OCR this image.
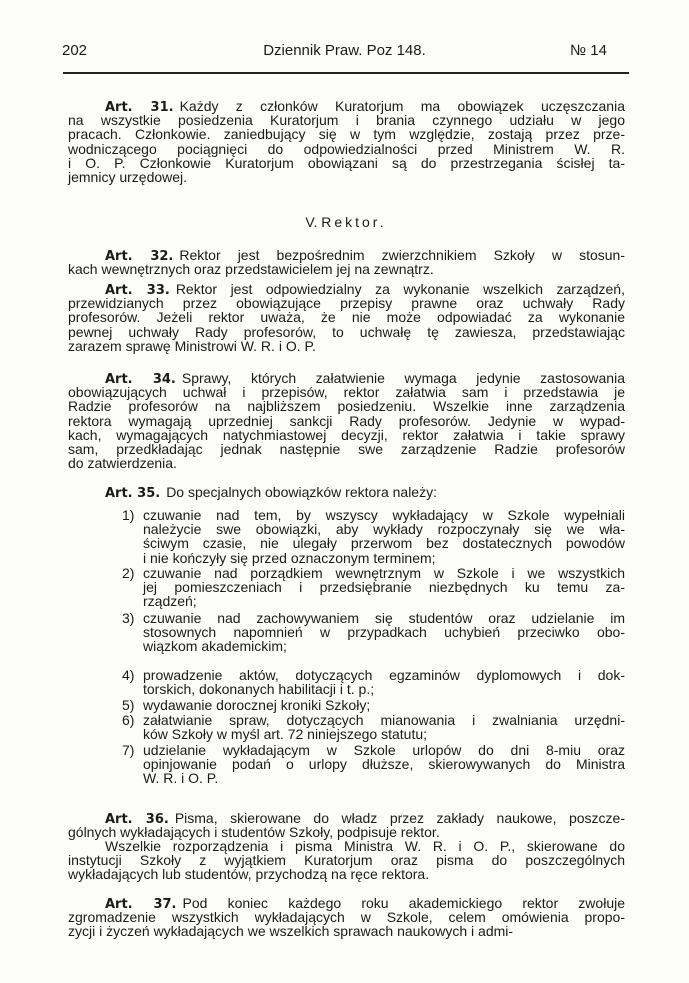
202	Dziennik Praw. Poz 148.	№ 14
Art. 31. Każdy z członków Kuratorjum ma obowiązek uczęszczania
na wszystkie posiedzenia Kuratorjum i brania czynnego udziału w jego
pracach. Członkowie. zaniedbujący się w tym względzie, zostają przez prze-
wodniczącego pociągnięci do odpowiedzialności przed Ministrem W. R.
i O. P. Członkowie Kuratorjum obowiązani są do przestrzegania ścisłej ta-
jemnicy urzędowej.
V. Rektor.
Art. 32. Rektor jest bezpośrednim zwierzchnikiem Szkoły w stosun-
kach wewnętrznych oraz przedstawicielem jej na zewnątrz.
Art. 33. Rektor jest odpowiedzialny za wykonanie wszelkich zarządzeń,
przewidzianych przez obowiązujące przepisy prawne oraz uchwały Rady
profesorów. Jeżeli rektor uważa, że nie może odpowiadać za wykonanie
pewnej uchwały Rady profesorów, to uchwałę tę zawiesza, przedstawiając
zarazem sprawę Ministrowi W. R. i O. P.
Art. 34. Sprawy, których załatwienie wymaga jedynie zastosowania
obowiązujących uchwał i przepisów, rektor załatwia sam i przedstawia je
Radzie profesorów na najbliższem posiedzeniu. Wszelkie inne zarządzenia
rektora wymagają uprzedniej sankcji Rady profesorów. Jedynie w wypad-
kach, wymagających natychmiastowej decyzji, rektor załatwia i takie sprawy
sam, przedkładając jednak następnie swe zarządzenie Radzie profesorów
do zatwierdzenia.
Art. 35. Do specjalnych obowiązków rektora należy:
1) czuwanie nad tem, by wszyscy wykładający w Szkole wypełniali
należycie swe obowiązki, aby wykłady rozpoczynały się we wła-
ściwym czasie, nie ulegały przerwom bez dostatecznych powodów
i nie kończyły się przed oznaczonym terminem;
2) czuwanie nad porządkiem wewnętrznym w Szkole i we wszystkich
jej pomieszczeniach i przedsiębranie niezbędnych ku temu za-
rządzeń;
3) czuwanie nad zachowywaniem się studentów oraz udzielanie im
stosownych napomnień w przypadkach uchybień przeciwko obo-
wiązkom akademickim;
4) prowadzenie aktów, dotyczących egzaminów dyplomowych i dok-
torskich, dokonanych habilitacji i t. p.;
5) wydawanie dorocznej kroniki Szkoły;
6) załatwianie spraw, dotyczących mianowania i zwalniania urzędni-
ków Szkoły w myśl art. 72 niniejszego statutu;
7) udzielanie wykładającym w Szkole urlopów do dni 8-miu oraz
opinjowanie podań o urlopy dłuższe, skierowywanych do Ministra
W. R. i O. P.
Art. 36. Pisma, skierowane do władz przez zakłady naukowe, poszcze-
gólnych wykładających i studentów Szkoły, podpisuje rektor.
Wszelkie rozporządzenia i pisma Ministra W. R. i O. P., skierowane do
instytucji Szkoły z wyjątkiem Kuratorjum oraz pisma do poszczególnych
wykładających lub studentów, przychodzą na ręce rektora.
Art. 37. Pod koniec każdego roku akademickiego rektor zwołuje
zgromadzenie wszystkich wykładających w Szkole, celem omówienia propo-
zycji i życzeń wykładających we wszelkich sprawach naukowych i admi-
